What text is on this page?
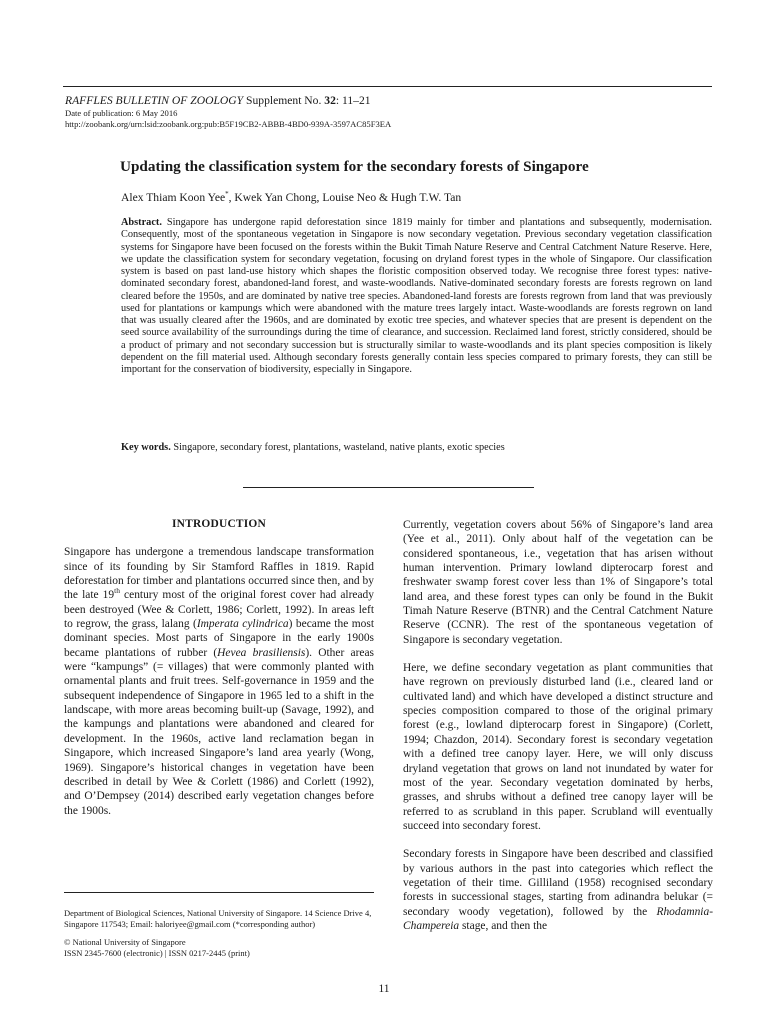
RAFFLES BULLETIN OF ZOOLOGY Supplement No. 32: 11–21
Date of publication: 6 May 2016
http://zoobank.org/urn:lsid:zoobank.org:pub:B5F19CB2-ABBB-4BD0-939A-3597AC85F3EA
Updating the classification system for the secondary forests of Singapore
Alex Thiam Koon Yee*, Kwek Yan Chong, Louise Neo & Hugh T.W. Tan
Abstract. Singapore has undergone rapid deforestation since 1819 mainly for timber and plantations and subsequently, modernisation. Consequently, most of the spontaneous vegetation in Singapore is now secondary vegetation. Previous secondary vegetation classification systems for Singapore have been focused on the forests within the Bukit Timah Nature Reserve and Central Catchment Nature Reserve. Here, we update the classification system for secondary vegetation, focusing on dryland forest types in the whole of Singapore. Our classification system is based on past land-use history which shapes the floristic composition observed today. We recognise three forest types: native-dominated secondary forest, abandoned-land forest, and waste-woodlands. Native-dominated secondary forests are forests regrown on land cleared before the 1950s, and are dominated by native tree species. Abandoned-land forests are forests regrown from land that was previously used for plantations or kampungs which were abandoned with the mature trees largely intact. Waste-woodlands are forests regrown on land that was usually cleared after the 1960s, and are dominated by exotic tree species, and whatever species that are present is dependent on the seed source availability of the surroundings during the time of clearance, and succession. Reclaimed land forest, strictly considered, should be a product of primary and not secondary succession but is structurally similar to waste-woodlands and its plant species composition is likely dependent on the fill material used. Although secondary forests generally contain less species compared to primary forests, they can still be important for the conservation of biodiversity, especially in Singapore.
Key words. Singapore, secondary forest, plantations, wasteland, native plants, exotic species
INTRODUCTION

Singapore has undergone a tremendous landscape transformation since of its founding by Sir Stamford Raffles in 1819. Rapid deforestation for timber and plantations occurred since then, and by the late 19th century most of the original forest cover had already been destroyed (Wee & Corlett, 1986; Corlett, 1992). In areas left to regrow, the grass, lalang (Imperata cylindrica) became the most dominant species. Most parts of Singapore in the early 1900s became plantations of rubber (Hevea brasiliensis). Other areas were “kampungs” (= villages) that were commonly planted with ornamental plants and fruit trees. Self-governance in 1959 and the subsequent independence of Singapore in 1965 led to a shift in the landscape, with more areas becoming built-up (Savage, 1992), and the kampungs and plantations were abandoned and cleared for development. In the 1960s, active land reclamation began in Singapore, which increased Singapore’s land area yearly (Wong, 1969). Singapore’s historical changes in vegetation have been described in detail by Wee & Corlett (1986) and Corlett (1992), and O’Dempsey (2014) described early vegetation changes before the 1900s.

Currently, vegetation covers about 56% of Singapore’s land area (Yee et al., 2011). Only about half of the vegetation can be considered spontaneous, i.e., vegetation that has arisen without human intervention. Primary lowland dipterocarp forest and freshwater swamp forest cover less than 1% of Singapore’s total land area, and these forest types can only be found in the Bukit Timah Nature Reserve (BTNR) and the Central Catchment Nature Reserve (CCNR). The rest of the spontaneous vegetation of Singapore is secondary vegetation.

Here, we define secondary vegetation as plant communities that have regrown on previously disturbed land (i.e., cleared land or cultivated land) and which have developed a distinct structure and species composition compared to those of the original primary forest (e.g., lowland dipterocarp forest in Singapore) (Corlett, 1994; Chazdon, 2014). Secondary forest is secondary vegetation with a defined tree canopy layer. Here, we will only discuss dryland vegetation that grows on land not inundated by water for most of the year. Secondary vegetation dominated by herbs, grasses, and shrubs without a defined tree canopy layer will be referred to as scrubland in this paper. Scrubland will eventually succeed into secondary forest.

Secondary forests in Singapore have been described and classified by various authors in the past into categories which reflect the vegetation of their time. Gilliland (1958) recognised secondary forests in successional stages, starting from adinandra belukar (= secondary woody vegetation), followed by the Rhodamnia-Champereia stage, and then the

Department of Biological Sciences, National University of Singapore. 14 Science Drive 4, Singapore 117543; Email: haloriyee@gmail.com (*corresponding author)
© National University of Singapore
ISSN 2345-7600 (electronic) | ISSN 0217-2445 (print)
11
